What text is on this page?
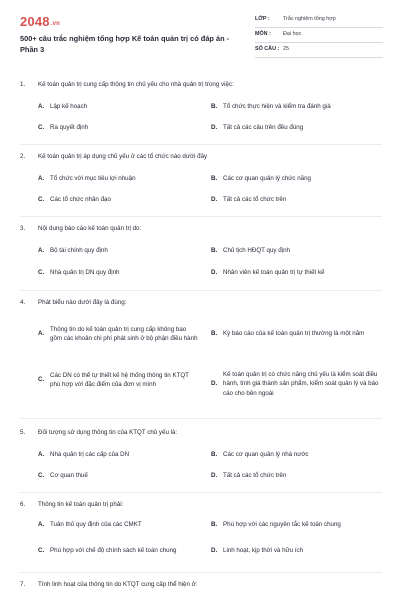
2048.vn
500+ câu trắc nghiệm tổng hợp Kế toán quản trị có đáp án - Phần 3
LỚP : Trắc nghiệm tổng hợp
MÔN : Đại học
SỐ CÂU : 25
1.	Kế toán quản trị cung cấp thông tin chủ yếu cho nhà quản trị trong việc:
A. Lập kế hoạch	B. Tổ chức thực hiện và kiểm tra đánh giá
C. Ra quyết định	D. Tất cả các câu trên đều đúng
2.	Kế toán quản trị áp dụng chủ yếu ở các tổ chức nào dưới đây
A. Tổ chức với mục tiêu lợi nhuận	B. Các cơ quan quản lý chức năng
C. Các tổ chức nhân đạo	D. Tất cả các tổ chức trên
3.	Nội dung báo cáo kế toán quản trị do:
A. Bộ tài chính quy định	B. Chủ tịch HĐQT quy định
C. Nhà quản trị DN quy định	D. Nhân viên kế toán quản trị tự thiết kế
4.	Phát biểu nào dưới đây là đúng:
A.
Thông tin do kế toán quản trị cung cấp không bao gồm các khoản chi phí phát sinh ở bộ phận điều hành
B. Kỳ báo cáo của kế toán quản trị thường là một năm
C.
Các DN có thể tự thiết kế hệ thống thông tin KTQT phù hợp với đặc điểm của đơn vị mình	D.
Kế toán quản trị có chức năng chủ yếu là kiểm soát điều hành, tính giá thành sản phẩm, kiểm soát quản lý và báo cáo cho bên ngoài
5.	Đối tượng sử dụng thông tin của KTQT chủ yếu là:
A. Nhà quản trị các cấp của DN	B. Các cơ quan quản lý nhà nước
C. Cơ quan thuế	D. Tất cả các tổ chức trên
6.	Thông tin kế toán quản trị phải:
A. Tuân thủ quy định của các CMKT	B. Phù hợp với các nguyên tắc kế toán chung
C. Phù hợp với chế độ chính sách kế toán chung	D. Linh hoạt, kịp thời và hữu ích
7.	Tính linh hoạt của thông tin do KTQT cung cấp thể hiện ở:
